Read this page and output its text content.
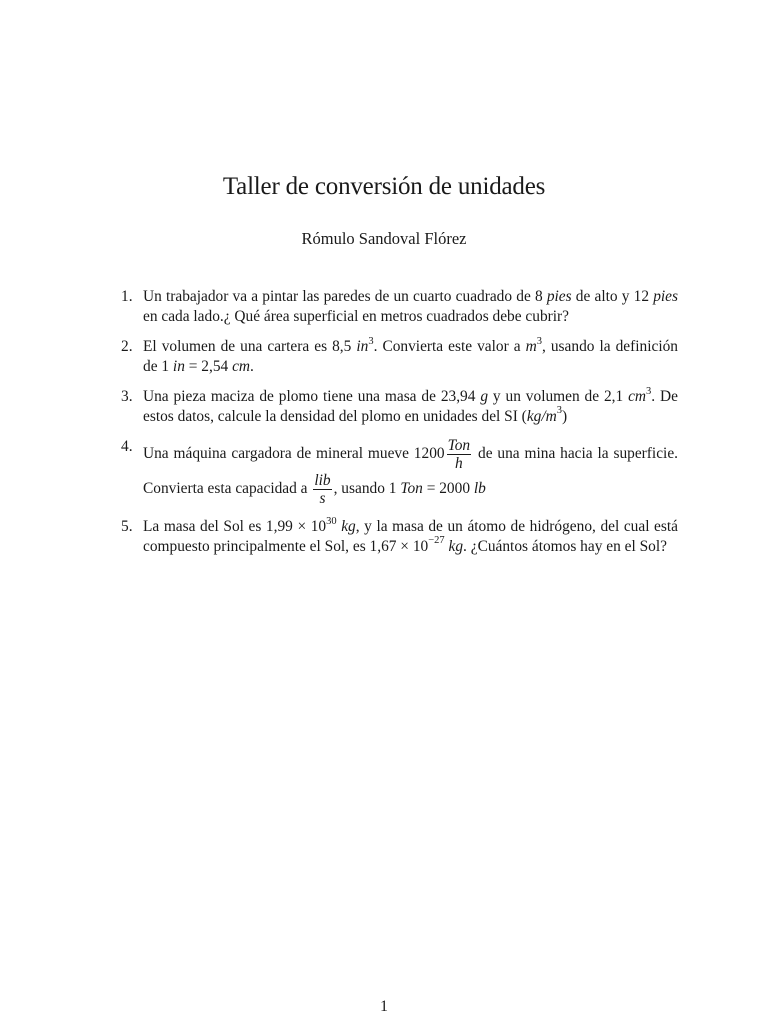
Taller de conversión de unidades
Rómulo Sandoval Flórez
1. Un trabajador va a pintar las paredes de un cuarto cuadrado de 8 pies de alto y 12 pies en cada lado.¿ Qué área superficial en metros cuadrados debe cubrir?
2. El volumen de una cartera es 8,5 $in^3$. Convierta este valor a $m^3$, usando la definición de 1 in = 2,54 cm.
3. Una pieza maciza de plomo tiene una masa de 23,94 g y un volumen de 2,1 $cm^3$. De estos datos, calcule la densidad del plomo en unidades del SI $(kg/m^3)$
4. Una máquina cargadora de mineral mueve $1200 \frac{\text{Ton}}{h}$ de una mina hacia la superficie. Convierta esta capacidad a $\frac{\text{lib}}{s}$ , usando 1 Ton = 2000 lb
5. La masa del Sol es $1,99 \times 10^{30}$ kg, y la masa de un átomo de hidrógeno, del cual está compuesto principalmente el Sol, es $1,67 \times 10^{-27}$ kg. ¿Cuántos átomos hay en el Sol?
1
